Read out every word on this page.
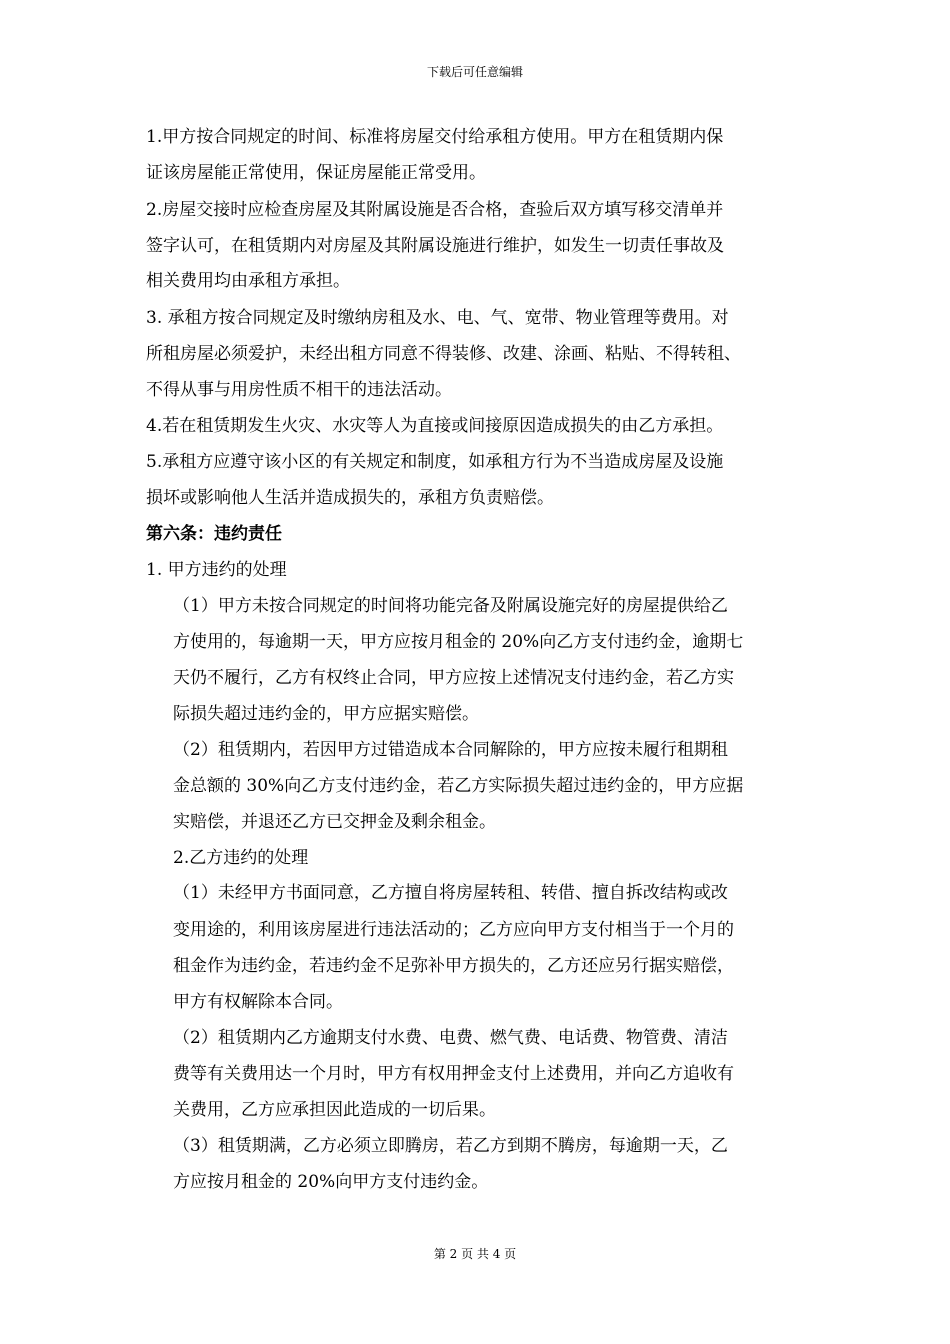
下载后可任意编辑
1.甲方按合同规定的时间、标准将房屋交付给承租方使用。甲方在租赁期内保
证该房屋能正常使用，保证房屋能正常受用。
2.房屋交接时应检查房屋及其附属设施是否合格，查验后双方填写移交清单并
签字认可，在租赁期内对房屋及其附属设施进行维护，如发生一切责任事故及
相关费用均由承租方承担。
3. 承租方按合同规定及时缴纳房租及水、电、气、宽带、物业管理等费用。对
所租房屋必须爱护，未经出租方同意不得装修、改建、涂画、粘贴、不得转租、
不得从事与用房性质不相干的违法活动。
4.若在租赁期发生火灾、水灾等人为直接或间接原因造成损失的由乙方承担。
5.承租方应遵守该小区的有关规定和制度，如承租方行为不当造成房屋及设施
损坏或影响他人生活并造成损失的，承租方负责赔偿。
第六条：违约责任
1. 甲方违约的处理
（1）甲方未按合同规定的时间将功能完备及附属设施完好的房屋提供给乙
方使用的，每逾期一天，甲方应按月租金的 20%向乙方支付违约金，逾期七
天仍不履行，乙方有权终止合同，甲方应按上述情况支付违约金，若乙方实
际损失超过违约金的，甲方应据实赔偿。
（2）租赁期内，若因甲方过错造成本合同解除的，甲方应按未履行租期租
金总额的 30%向乙方支付违约金，若乙方实际损失超过违约金的，甲方应据
实赔偿，并退还乙方已交押金及剩余租金。
2.乙方违约的处理
（1）未经甲方书面同意，乙方擅自将房屋转租、转借、擅自拆改结构或改
变用途的，利用该房屋进行违法活动的；乙方应向甲方支付相当于一个月的
租金作为违约金，若违约金不足弥补甲方损失的，乙方还应另行据实赔偿，
甲方有权解除本合同。
（2）租赁期内乙方逾期支付水费、电费、燃气费、电话费、物管费、清洁
费等有关费用达一个月时，甲方有权用押金支付上述费用，并向乙方追收有
关费用，乙方应承担因此造成的一切后果。
（3）租赁期满，乙方必须立即腾房，若乙方到期不腾房，每逾期一天，乙
方应按月租金的 20%向甲方支付违约金。
第 2 页 共 4 页
